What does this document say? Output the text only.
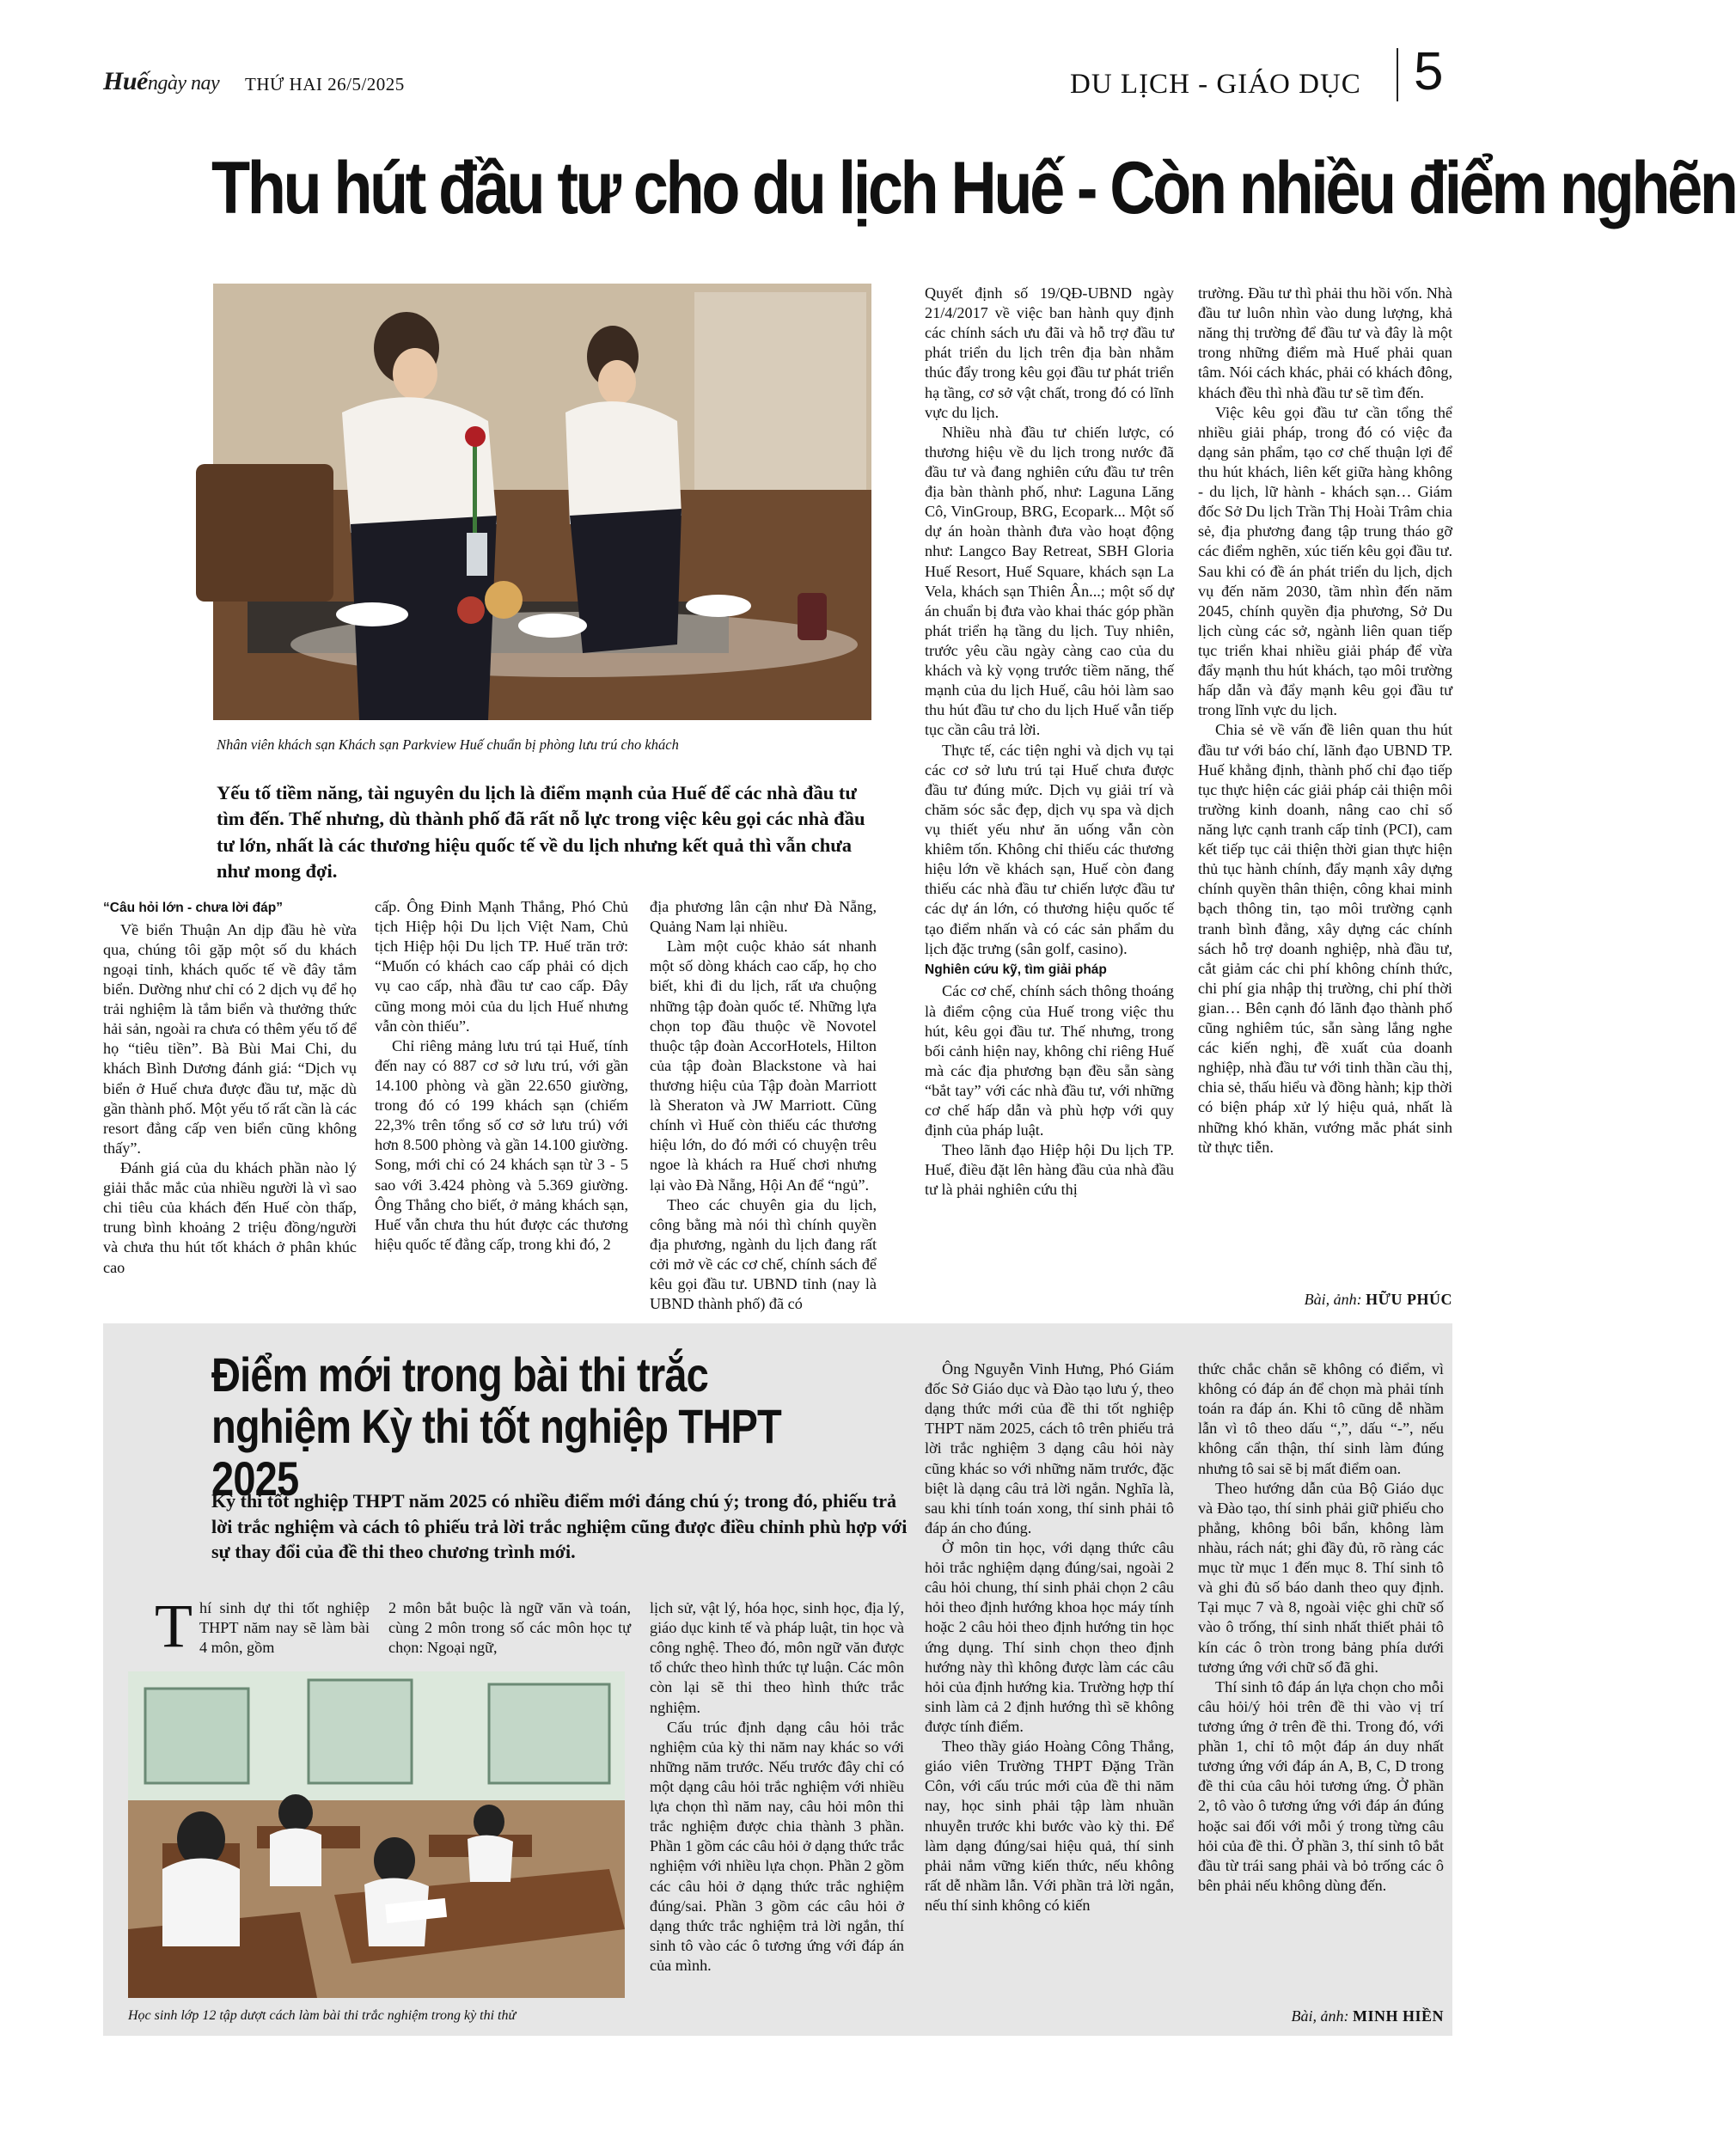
Huếngày nay THỨ HAI 26/5/2025	DU LỊCH - GIÁO DỤC 5
Thu hút đầu tư cho du lịch Huế - Còn nhiều điểm nghẽn
Nhân viên khách sạn Khách sạn Parkview Huế chuẩn bị phòng lưu trú cho khách
Yếu tố tiềm năng, tài nguyên du lịch là điểm mạnh của Huế để các nhà đầu tư tìm đến. Thế nhưng, dù thành phố đã rất nỗ lực trong việc kêu gọi các nhà đầu tư lớn, nhất là các thương hiệu quốc tế về du lịch nhưng kết quả thì vẫn chưa như mong đợi.

“Câu hỏi lớn - chưa lời đáp”

Về biển Thuận An dịp đầu hè vừa qua, chúng tôi gặp một số du khách ngoại tỉnh, khách quốc tế về đây tắm biển. Dường như chỉ có 2 dịch vụ để họ trải nghiệm là tắm biển và thưởng thức hải sản, ngoài ra chưa có thêm yếu tố để họ “tiêu tiền”. Bà Bùi Mai Chi, du khách Bình Dương đánh giá: “Dịch vụ biển ở Huế chưa được đầu tư, mặc dù gần thành phố. Một yếu tố rất cần là các resort đẳng cấp ven biển cũng không thấy”.

Đánh giá của du khách phần nào lý giải thắc mắc của nhiều người là vì sao chi tiêu của khách đến Huế còn thấp, trung bình khoảng 2 triệu đồng/người và chưa thu hút tốt khách ở phân khúc cao

cấp. Ông Đinh Mạnh Thắng, Phó Chủ tịch Hiệp hội Du lịch Việt Nam, Chủ tịch Hiệp hội Du lịch TP. Huế trăn trở: “Muốn có khách cao cấp phải có dịch vụ cao cấp, nhà đầu tư cao cấp. Đây cũng mong mỏi của du lịch Huế nhưng vẫn còn thiếu”.

Chỉ riêng mảng lưu trú tại Huế, tính đến nay có 887 cơ sở lưu trú, với gần 14.100 phòng và gần 22.650 giường, trong đó có 199 khách sạn (chiếm 22,3% trên tổng số cơ sở lưu trú) với hơn 8.500 phòng và gần 14.100 giường. Song, mới chỉ có 24 khách sạn từ 3 - 5 sao với 3.424 phòng và 5.369 giường. Ông Thắng cho biết, ở mảng khách sạn, Huế vẫn chưa thu hút được các thương hiệu quốc tế đẳng cấp, trong khi đó, 2

địa phương lân cận như Đà Nẵng, Quảng Nam lại nhiều.

Làm một cuộc khảo sát nhanh một số dòng khách cao cấp, họ cho biết, khi đi du lịch, rất ưa chuộng những tập đoàn quốc tế. Những lựa chọn top đầu thuộc về Novotel thuộc tập đoàn AccorHotels, Hilton của tập đoàn Blackstone và hai thương hiệu của Tập đoàn Marriott là Sheraton và JW Marriott. Cũng chính vì Huế còn thiếu các thương hiệu lớn, do đó mới có chuyện trêu ngoe là khách ra Huế chơi nhưng lại vào Đà Nẵng, Hội An để “ngủ”.

Theo các chuyên gia du lịch, công bằng mà nói thì chính quyền địa phương, ngành du lịch đang rất cởi mở về các cơ chế, chính sách để kêu gọi đầu tư. UBND tỉnh (nay là UBND thành phố) đã có

Quyết định số 19/QĐ-UBND ngày 21/4/2017 về việc ban hành quy định các chính sách ưu đãi và hỗ trợ đầu tư phát triển du lịch trên địa bàn nhằm thúc đẩy trong kêu gọi đầu tư phát triển hạ tầng, cơ sở vật chất, trong đó có lĩnh vực du lịch.

Nhiều nhà đầu tư chiến lược, có thương hiệu về du lịch trong nước đã đầu tư và đang nghiên cứu đầu tư trên địa bàn thành phố, như: Laguna Lăng Cô, VinGroup, BRG, Ecopark... Một số dự án hoàn thành đưa vào hoạt động như: Langco Bay Retreat, SBH Gloria Huế Resort, Huế Square, khách sạn La Vela, khách sạn Thiên Ân...; một số dự án chuẩn bị đưa vào khai thác góp phần phát triển hạ tầng du lịch. Tuy nhiên, trước yêu cầu ngày càng cao của du khách và kỳ vọng trước tiềm năng, thế mạnh của du lịch Huế, câu hỏi làm sao thu hút đầu tư cho du lịch Huế vẫn tiếp tục cần câu trả lời.

Thực tế, các tiện nghi và dịch vụ tại các cơ sở lưu trú tại Huế chưa được đầu tư đúng mức. Dịch vụ giải trí và chăm sóc sắc đẹp, dịch vụ spa và dịch vụ thiết yếu như ăn uống vẫn còn khiêm tốn. Không chỉ thiếu các thương hiệu lớn về khách sạn, Huế còn đang thiếu các nhà đầu tư chiến lược đầu tư các dự án lớn, có thương hiệu quốc tế tạo điểm nhấn và có các sản phẩm du lịch đặc trưng (sân golf, casino).

Nghiên cứu kỹ, tìm giải pháp

Các cơ chế, chính sách thông thoáng là điểm cộng của Huế trong việc thu hút, kêu gọi đầu tư. Thế nhưng, trong bối cảnh hiện nay, không chỉ riêng Huế mà các địa phương bạn đều sẵn sàng “bắt tay” với các nhà đầu tư, với những cơ chế hấp dẫn và phù hợp với quy định của pháp luật.

Theo lãnh đạo Hiệp hội Du lịch TP. Huế, điều đặt lên hàng đầu của nhà đầu tư là phải nghiên cứu thị

trường. Đầu tư thì phải thu hồi vốn. Nhà đầu tư luôn nhìn vào dung lượng, khả năng thị trường để đầu tư và đây là một trong những điểm mà Huế phải quan tâm. Nói cách khác, phải có khách đông, khách đều thì nhà đầu tư sẽ tìm đến.

Việc kêu gọi đầu tư cần tổng thể nhiều giải pháp, trong đó có việc đa dạng sản phẩm, tạo cơ chế thuận lợi để thu hút khách, liên kết giữa hàng không - du lịch, lữ hành - khách sạn… Giám đốc Sở Du lịch Trần Thị Hoài Trâm chia sẻ, địa phương đang tập trung tháo gỡ các điểm nghẽn, xúc tiến kêu gọi đầu tư. Sau khi có đề án phát triển du lịch, dịch vụ đến năm 2030, tầm nhìn đến năm 2045, chính quyền địa phương, Sở Du lịch cùng các sở, ngành liên quan tiếp tục triển khai nhiều giải pháp để vừa đẩy mạnh thu hút khách, tạo môi trường hấp dẫn và đẩy mạnh kêu gọi đầu tư trong lĩnh vực du lịch.

Chia sẻ về vấn đề liên quan thu hút đầu tư với báo chí, lãnh đạo UBND TP. Huế khẳng định, thành phố chỉ đạo tiếp tục thực hiện các giải pháp cải thiện môi trường kinh doanh, nâng cao chỉ số năng lực cạnh tranh cấp tỉnh (PCI), cam kết tiếp tục cải thiện thời gian thực hiện thủ tục hành chính, đẩy mạnh xây dựng chính quyền thân thiện, công khai minh bạch thông tin, tạo môi trường cạnh tranh bình đẳng, xây dựng các chính sách hỗ trợ doanh nghiệp, nhà đầu tư, cắt giảm các chi phí không chính thức, chi phí gia nhập thị trường, chi phí thời gian… Bên cạnh đó lãnh đạo thành phố cũng nghiêm túc, sẵn sàng lắng nghe các kiến nghị, đề xuất của doanh nghiệp, nhà đầu tư với tinh thần cầu thị, chia sẻ, thấu hiểu và đồng hành; kịp thời có biện pháp xử lý hiệu quả, nhất là những khó khăn, vướng mắc phát sinh từ thực tiễn.

Bài, ảnh: HỮU PHÚC
Điểm mới trong bài thi trắc nghiệm Kỳ thi tốt nghiệp THPT 2025
Kỳ thi tốt nghiệp THPT năm 2025 có nhiều điểm mới đáng chú ý; trong đó, phiếu trả lời trắc nghiệm và cách tô phiếu trả lời trắc nghiệm cũng được điều chỉnh phù hợp với sự thay đổi của đề thi theo chương trình mới.
T hí sinh dự thi tốt nghiệp THPT năm nay sẽ làm bài 4 môn, gồm

2 môn bắt buộc là ngữ văn và toán, cùng 2 môn trong số các môn học tự chọn: Ngoại ngữ,

Học sinh lớp 12 tập dượt cách làm bài thi trắc nghiệm trong kỳ thi thử

lịch sử, vật lý, hóa học, sinh học, địa lý, giáo dục kinh tế và pháp luật, tin học và công nghệ. Theo đó, môn ngữ văn được tổ chức theo hình thức tự luận. Các môn còn lại sẽ thi theo hình thức trắc nghiệm.

Cấu trúc định dạng câu hỏi trắc nghiệm của kỳ thi năm nay khác so với những năm trước. Nếu trước đây chỉ có một dạng câu hỏi trắc nghiệm với nhiều lựa chọn thì năm nay, câu hỏi môn thi trắc nghiệm được chia thành 3 phần. Phần 1 gồm các câu hỏi ở dạng thức trắc nghiệm với nhiều lựa chọn. Phần 2 gồm các câu hỏi ở dạng thức trắc nghiệm đúng/sai. Phần 3 gồm các câu hỏi ở dạng thức trắc nghiệm trả lời ngắn, thí sinh tô vào các ô tương ứng với đáp án của mình.

Ông Nguyễn Vinh Hưng, Phó Giám đốc Sở Giáo dục và Đào tạo lưu ý, theo dạng thức mới của đề thi tốt nghiệp THPT năm 2025, cách tô trên phiếu trả lời trắc nghiệm 3 dạng câu hỏi này cũng khác so với những năm trước, đặc biệt là dạng câu trả lời ngắn. Nghĩa là, sau khi tính toán xong, thí sinh phải tô đáp án cho đúng.

Ở môn tin học, với dạng thức câu hỏi trắc nghiệm dạng đúng/sai, ngoài 2 câu hỏi chung, thí sinh phải chọn 2 câu hỏi theo định hướng khoa học máy tính hoặc 2 câu hỏi theo định hướng tin học ứng dụng. Thí sinh chọn theo định hướng này thì không được làm các câu hỏi của định hướng kia. Trường hợp thí sinh làm cả 2 định hướng thì sẽ không được tính điểm.

Theo thầy giáo Hoàng Công Thắng, giáo viên Trường THPT Đặng Trần Côn, với cấu trúc mới của đề thi năm nay, học sinh phải tập làm nhuần nhuyễn trước khi bước vào kỳ thi. Để làm dạng đúng/sai hiệu quả, thí sinh phải nắm vững kiến thức, nếu không rất dễ nhầm lẫn. Với phần trả lời ngắn, nếu thí sinh không có kiến

thức chắc chắn sẽ không có điểm, vì không có đáp án để chọn mà phải tính toán ra đáp án. Khi tô cũng dễ nhầm lẫn vì tô theo dấu “,”, dấu “-”, nếu không cẩn thận, thí sinh làm đúng nhưng tô sai sẽ bị mất điểm oan.

Theo hướng dẫn của Bộ Giáo dục và Đào tạo, thí sinh phải giữ phiếu cho phẳng, không bôi bẩn, không làm nhàu, rách nát; ghi đầy đủ, rõ ràng các mục từ mục 1 đến mục 8. Thí sinh tô và ghi đủ số báo danh theo quy định. Tại mục 7 và 8, ngoài việc ghi chữ số vào ô trống, thí sinh nhất thiết phải tô kín các ô tròn trong bảng phía dưới tương ứng với chữ số đã ghi.

Thí sinh tô đáp án lựa chọn cho mỗi câu hỏi/ý hỏi trên đề thi vào vị trí tương ứng ở trên đề thi. Trong đó, với phần 1, chỉ tô một đáp án duy nhất tương ứng với đáp án A, B, C, D trong đề thi của câu hỏi tương ứng. Ở phần 2, tô vào ô tương ứng với đáp án đúng hoặc sai đối với mỗi ý trong từng câu hỏi của đề thi. Ở phần 3, thí sinh tô bắt đầu từ trái sang phải và bỏ trống các ô bên phải nếu không dùng đến.

Bài, ảnh: MINH HIỀN
